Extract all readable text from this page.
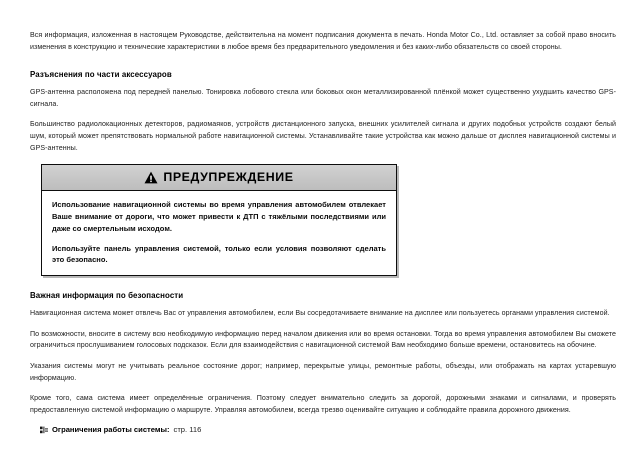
Вся информация, изложенная в настоящем Руководстве, действительна на момент подписания документа в печать. Honda Motor Co., Ltd. оставляет за собой право вносить изменения в конструкцию и технические характеристики в любое время без предварительного уведомления и без каких-либо обязательств со своей стороны.

Разъяснения по части аксессуаров

GPS-антенна расположена под передней панелью. Тонировка лобового стекла или боковых окон металлизированной плёнкой может существенно ухудшить качество GPS-сигнала.

Большинство радиолокационных детекторов, радиомаяков, устройств дистанционного запуска, внешних усилителей сигнала и других подобных устройств создают белый шум, который может препятствовать нормальной работе навигационной системы. Устанавливайте такие устройства как можно дальше от дисплея навигационной системы и GPS-антенны.

ПРЕДУПРЕЖДЕНИЕ

Использование навигационной системы во время управления автомобилем отвлекает Ваше внимание от дороги, что может привести к ДТП с тяжёлыми последствиями или даже со смертельным исходом.

Используйте панель управления системой, только если условия позволяют сделать это безопасно.

Важная информация по безопасности

Навигационная система может отвлечь Вас от управления автомобилем, если Вы сосредотачиваете внимание на дисплее или пользуетесь органами управления системой.

По возможности, вносите в систему всю необходимую информацию перед началом движения или во время остановки. Тогда во время управления автомобилем Вы сможете ограничиться прослушиванием голосовых подсказок. Если для взаимодействия с навигационной системой Вам необходимо больше времени, остановитесь на обочине.

Указания системы могут не учитывать реальное состояние дорог; например, перекрытые улицы, ремонтные работы, объезды, или отображать на картах устаревшую информацию.

Кроме того, сама система имеет определённые ограничения. Поэтому следует внимательно следить за дорогой, дорожными знаками и сигналами, и проверять предоставленную системой информацию о маршруте. Управляя автомобилем, всегда трезво оценивайте ситуацию и соблюдайте правила дорожного движения.

Ограничения работы системы: стр. 116
